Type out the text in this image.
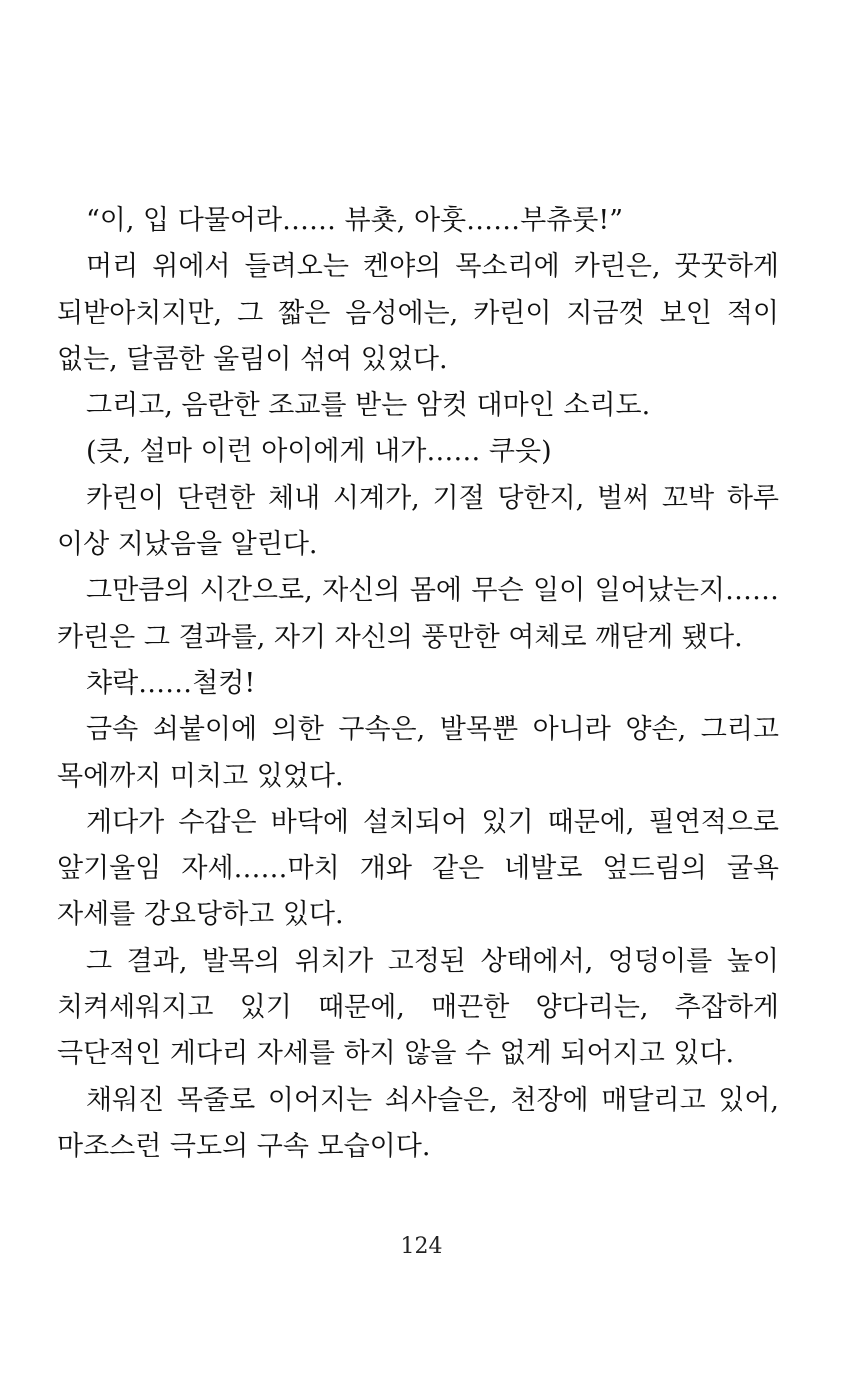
“이, 입 다물어라…… 뷰춋, 아훗……부츄룻!”

머리 위에서 들려오는 켄야의 목소리에 카린은, 꿋꿋하게 되받아치지만, 그 짧은 음성에는, 카린이 지금껏 보인 적이 없는, 달콤한 울림이 섞여 있었다.

그리고, 음란한 조교를 받는 암컷 대마인 소리도.

(큿, 설마 이런 아이에게 내가…… 쿠읏)

카린이 단련한 체내 시계가, 기절 당한지, 벌써 꼬박 하루 이상 지났음을 알린다.

그만큼의 시간으로, 자신의 몸에 무슨 일이 일어났는지…… 카린은 그 결과를, 자기 자신의 풍만한 여체로 깨닫게 됐다.

챠락……철컹!

금속 쇠붙이에 의한 구속은, 발목뿐 아니라 양손, 그리고 목에까지 미치고 있었다.

게다가 수갑은 바닥에 설치되어 있기 때문에, 필연적으로 앞기울임 자세……마치 개와 같은 네발로 엎드림의 굴욕 자세를 강요당하고 있다.

그 결과, 발목의 위치가 고정된 상태에서, 엉덩이를 높이 치켜세워지고 있기 때문에, 매끈한 양다리는, 추잡하게 극단적인 게다리 자세를 하지 않을 수 없게 되어지고 있다.

채워진 목줄로 이어지는 쇠사슬은, 천장에 매달리고 있어, 마조스런 극도의 구속 모습이다.

124
